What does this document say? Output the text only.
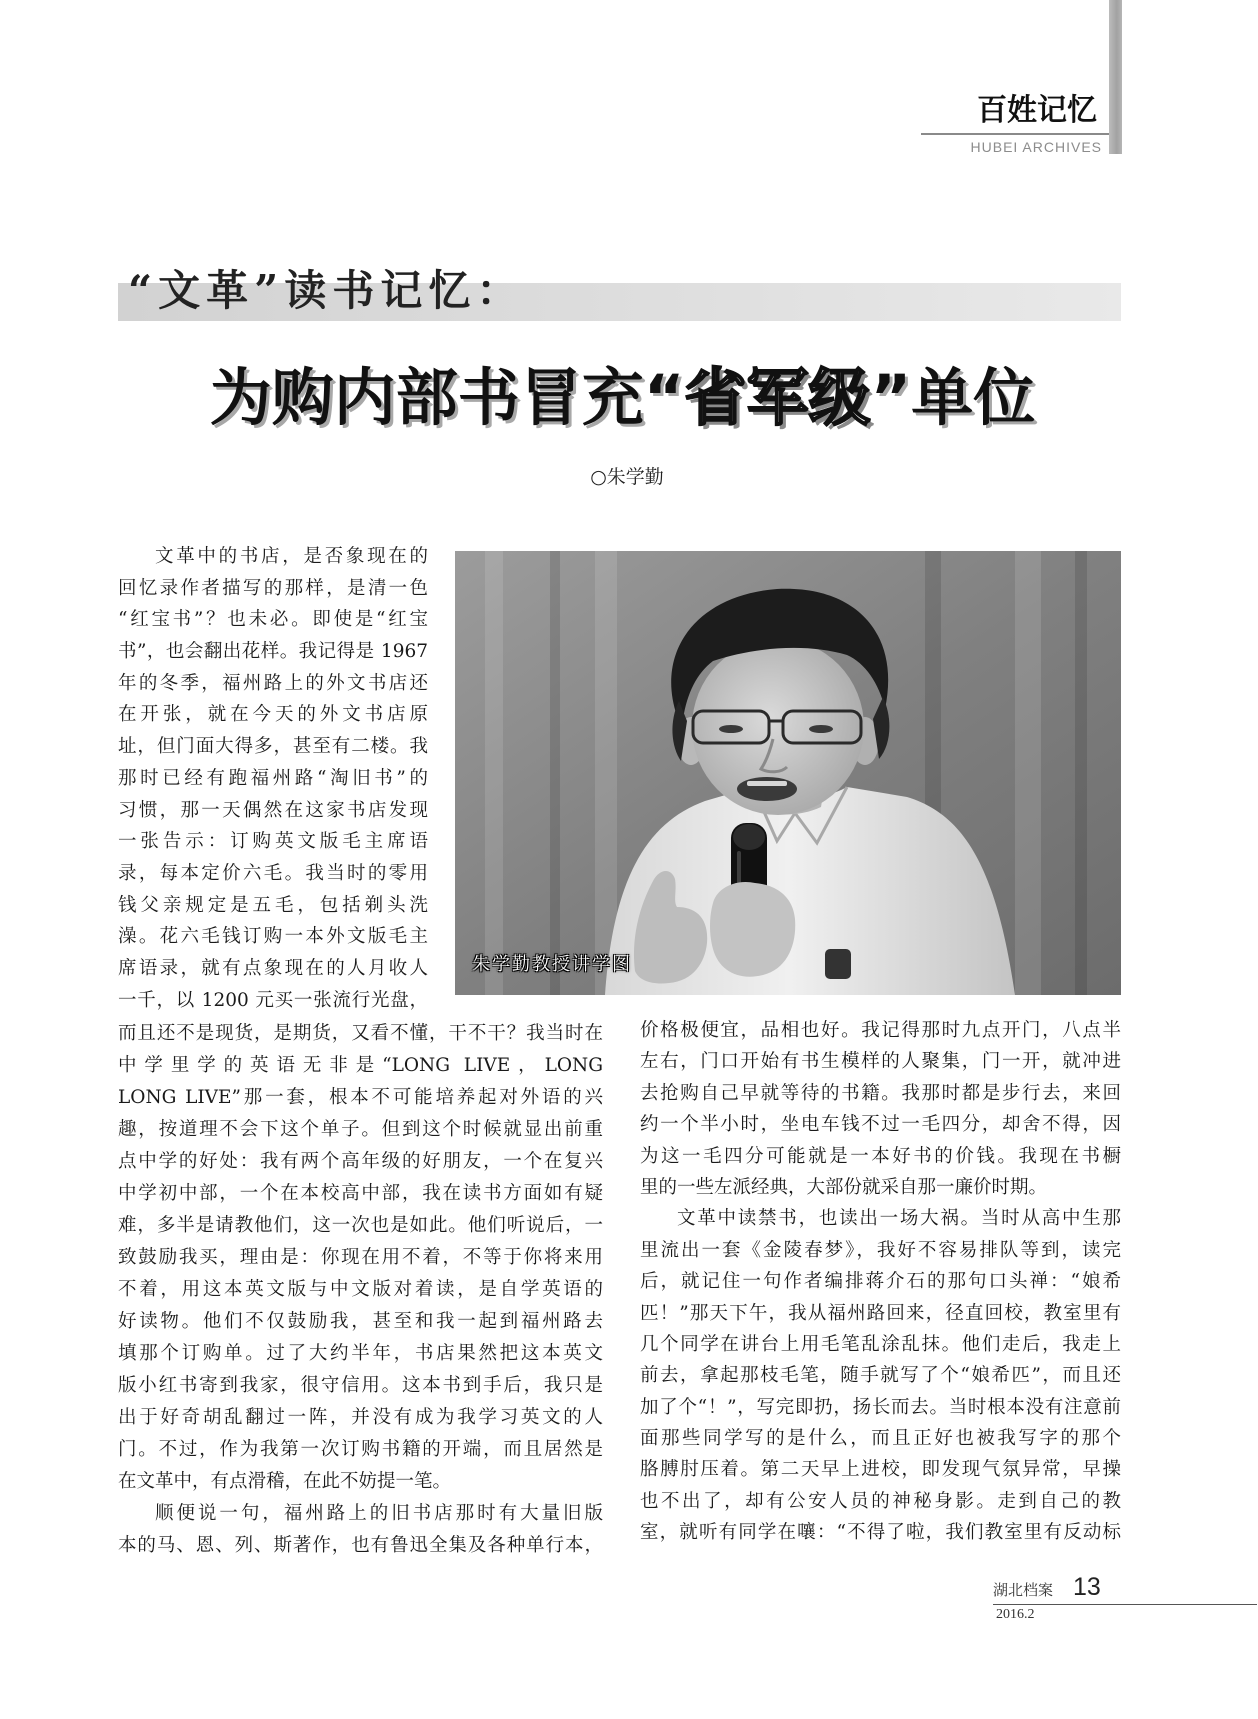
百姓记忆
HUBEI ARCHIVES
“文革”读书记忆：
为购内部书冒充“省军级”单位
○朱学勤
朱学勤教授讲学图
文革中的书店，是否象现在的
回忆录作者描写的那样，是清一色
“红宝书”？也未必。即使是“红宝
书”，也会翻出花样。我记得是 1967
年的冬季，福州路上的外文书店还
在开张，就在今天的外文书店原
址，但门面大得多，甚至有二楼。我
那时已经有跑福州路“淘旧书”的
习惯，那一天偶然在这家书店发现
一张告示：订购英文版毛主席语
录，每本定价六毛。我当时的零用
钱父亲规定是五毛，包括剃头洗
澡。花六毛钱订购一本外文版毛主
席语录，就有点象现在的人月收人
一千，以 1200 元买一张流行光盘，
而且还不是现货，是期货，又看不懂，干不干？我当时在
中学里学的英语无非是“LONG LIVE，LONG
LONG LIVE”那一套，根本不可能培养起对外语的兴
趣，按道理不会下这个单子。但到这个时候就显出前重
点中学的好处：我有两个高年级的好朋友，一个在复兴
中学初中部，一个在本校高中部，我在读书方面如有疑
难，多半是请教他们，这一次也是如此。他们听说后，一
致鼓励我买，理由是：你现在用不着，不等于你将来用
不着，用这本英文版与中文版对着读，是自学英语的
好读物。他们不仅鼓励我，甚至和我一起到福州路去
填那个订购单。过了大约半年，书店果然把这本英文
版小红书寄到我家，很守信用。这本书到手后，我只是
出于好奇胡乱翻过一阵，并没有成为我学习英文的人
门。不过，作为我第一次订购书籍的开端，而且居然是
在文革中，有点滑稽，在此不妨提一笔。
顺便说一句，福州路上的旧书店那时有大量旧版
本的马、恩、列、斯著作，也有鲁迅全集及各种单行本，
价格极便宜，品相也好。我记得那时九点开门，八点半
左右，门口开始有书生模样的人聚集，门一开，就冲进
去抢购自己早就等待的书籍。我那时都是步行去，来回
约一个半小时，坐电车钱不过一毛四分，却舍不得，因
为这一毛四分可能就是一本好书的价钱。我现在书橱
里的一些左派经典，大部份就采自那一廉价时期。
文革中读禁书，也读出一场大祸。当时从高中生那
里流出一套《金陵春梦》，我好不容易排队等到，读完
后，就记住一句作者编排蒋介石的那句口头禅：“娘希
匹！”那天下午，我从福州路回来，径直回校，教室里有
几个同学在讲台上用毛笔乱涂乱抹。他们走后，我走上
前去，拿起那枝毛笔，随手就写了个“娘希匹”，而且还
加了个“！”，写完即扔，扬长而去。当时根本没有注意前
面那些同学写的是什么，而且正好也被我写字的那个
胳膊肘压着。第二天早上进校，即发现气氛异常，早操
也不出了，却有公安人员的神秘身影。走到自己的教
室，就听有同学在嚷：“不得了啦，我们教室里有反动标
湖北档案 13
2016.2
